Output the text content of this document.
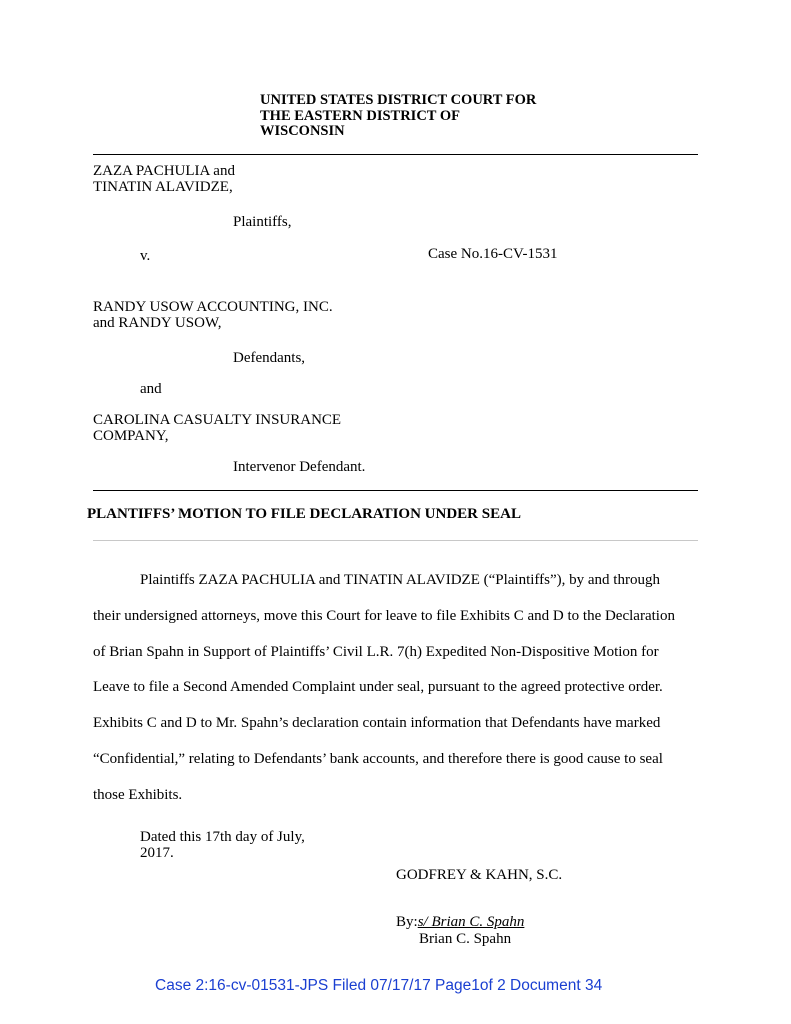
UNITED STATES DISTRICT COURT FOR
THE EASTERN DISTRICT OF
WISCONSIN
ZAZA PACHULIA and
TINATIN ALAVIDZE,
Plaintiffs,
v.	Case No.16-CV-1531
RANDY USOW ACCOUNTING, INC.
and RANDY USOW,
Defendants,
and
CAROLINA CASUALTY INSURANCE
COMPANY,
Intervenor Defendant.
PLANTIFFS’ MOTION TO FILE DECLARATION UNDER SEAL
Plaintiffs ZAZA PACHULIA and TINATIN ALAVIDZE (“Plaintiffs”), by and through
their undersigned attorneys, move this Court for leave to file Exhibits C and D to the Declaration
of Brian Spahn in Support of Plaintiffs’ Civil L.R. 7(h) Expedited Non-Dispositive Motion for
Leave to file a Second Amended Complaint under seal, pursuant to the agreed protective order.
Exhibits C and D to Mr. Spahn’s declaration contain information that Defendants have marked
“Confidential,” relating to Defendants’ bank accounts, and therefore there is good cause to seal
those Exhibits.
Dated this 17th day of July,
2017.
GODFREY & KAHN, S.C.
By:s/ Brian C. Spahn
Brian C. Spahn
Case 2:16-cv-01531-JPS Filed 07/17/17 Page1of 2 Document 34
